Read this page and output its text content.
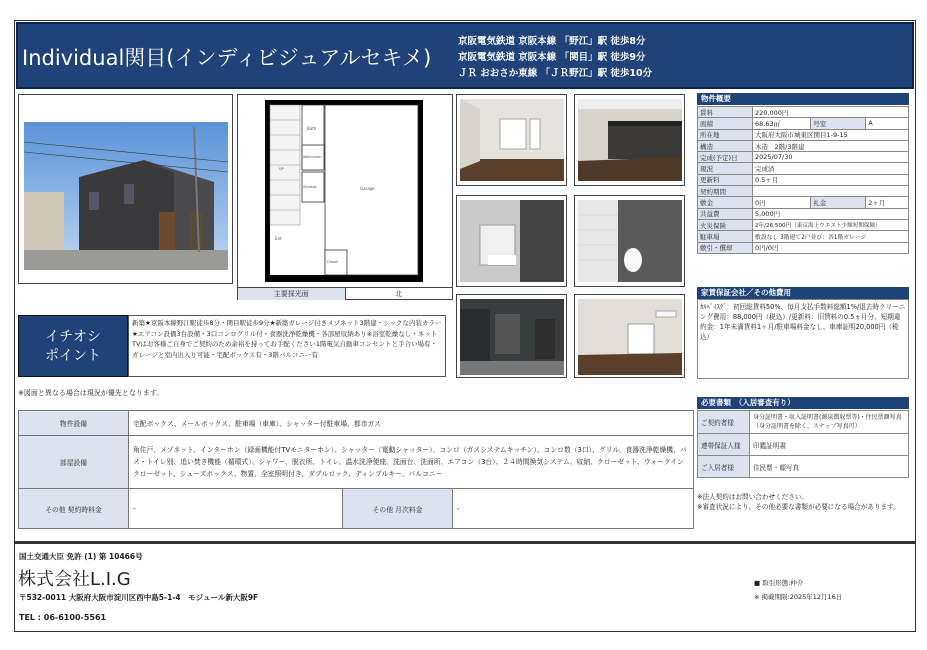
Individual関目(インディビジュアルセキメ)
京阪電気鉄道 京阪本線 「野江」駅 徒歩8分
京阪電気鉄道 京阪本線 「関目」駅 徒歩9分
ＪＲ おおさか東線 「ＪＲ野江」駅 徒歩10分
Bath
Washroom
Storage	Garage
Ent
Closet
UP
主要採光面	北
物件概要
賃料	220,000円		
面積	68.63㎡	号室	A
所在地	大阪府大阪市城東区関目1-9-15		
構造	木造　2階/3階建		
完成(予定)日	2025/07/30		
現況	完成済		
更新料	0.5ヶ月		
契約期間			
敷金	0円	礼金	2ヶ月
共益費	5,000円		
火災保険	2年/26,500円（東京海上ウエスト少額短期保険）		
駐車場	敷設なし 3階建て2戸並び：各1階ガレージ		
敷引・償却	0円/0円		
家賃保証会社／その他費用
ｶﾙﾍﾟｲｽｸﾞ：初回総賃料50%、毎月支払手数料総額1%/退去時クリーニング費用：88,000円（税込）/更新料：旧賃料の0.5ヵ月分、短期違約金：1年未満賃料1ヶ月/駐車場料金なし、車庫証明20,000円（税込）
イチオシ
ポイント
新築★京阪本線野江駅徒歩8分・関目駅徒歩9分★新築ガレージ付きメゾネット3階建・シックな内装カラー★エアコン設備3台設備・3口コンログリル付・食器洗浄乾燥機・各部屋収納あり※浴室乾燥なし・ネットTVはお客様ご自身でご契約のため余裕を持ってお手配ください1階電気自動車コンセントと手合い場有・ガレージと室内出入り可能・宅配ボックス有・3階バルコニー有
※図面と異なる場合は現況が優先となります。
物件設備	宅配ボックス、メールボックス、駐車場（車庫）、シャッター付駐車場、都市ガス		
部屋設備	角住戸、メゾネット、インターホン（録画機能付TVモニターホン）、シャッター（電動シャッター）、コンロ（ガスシステムキッチン）、コンロ数（3口）、グリル、食器洗浄乾燥機、バス・トイレ別、追い焚き機能（循環式）、シャワー、脱衣所、トイレ、温水洗浄便座、洗面台、洗面所、エアコン（3台）、２４時間換気システム、収納、クローゼット、ウォークインクローゼット、シューズボックス、物置、全室照明付き、ダブルロック、ディンプルキー、バルコニー		
その他 契約時料金	-	その他 月次料金	-
必要書類　（入居審査有り）
ご契約者様	身分証明書・収入証明書(源泉徴収票等)・住民票顔写真（身分証明書を除く、スナップ写真可）
連帯保証人様	印鑑証明書
ご入居者様	住民票・顔写真
※法人契約はお問い合わせください。
※審査状況により、その他必要な書類が必要になる場合があります。
国土交通大臣 免許 (1) 第 10466号
株式会社L.I.G
〒532-0011 大阪府大阪市淀川区西中島5-1-4　モジュール新大阪9F
TEL : 06-6100-5561
■ 取引形態:仲介
※ 掲載期限:2025年12月16日
